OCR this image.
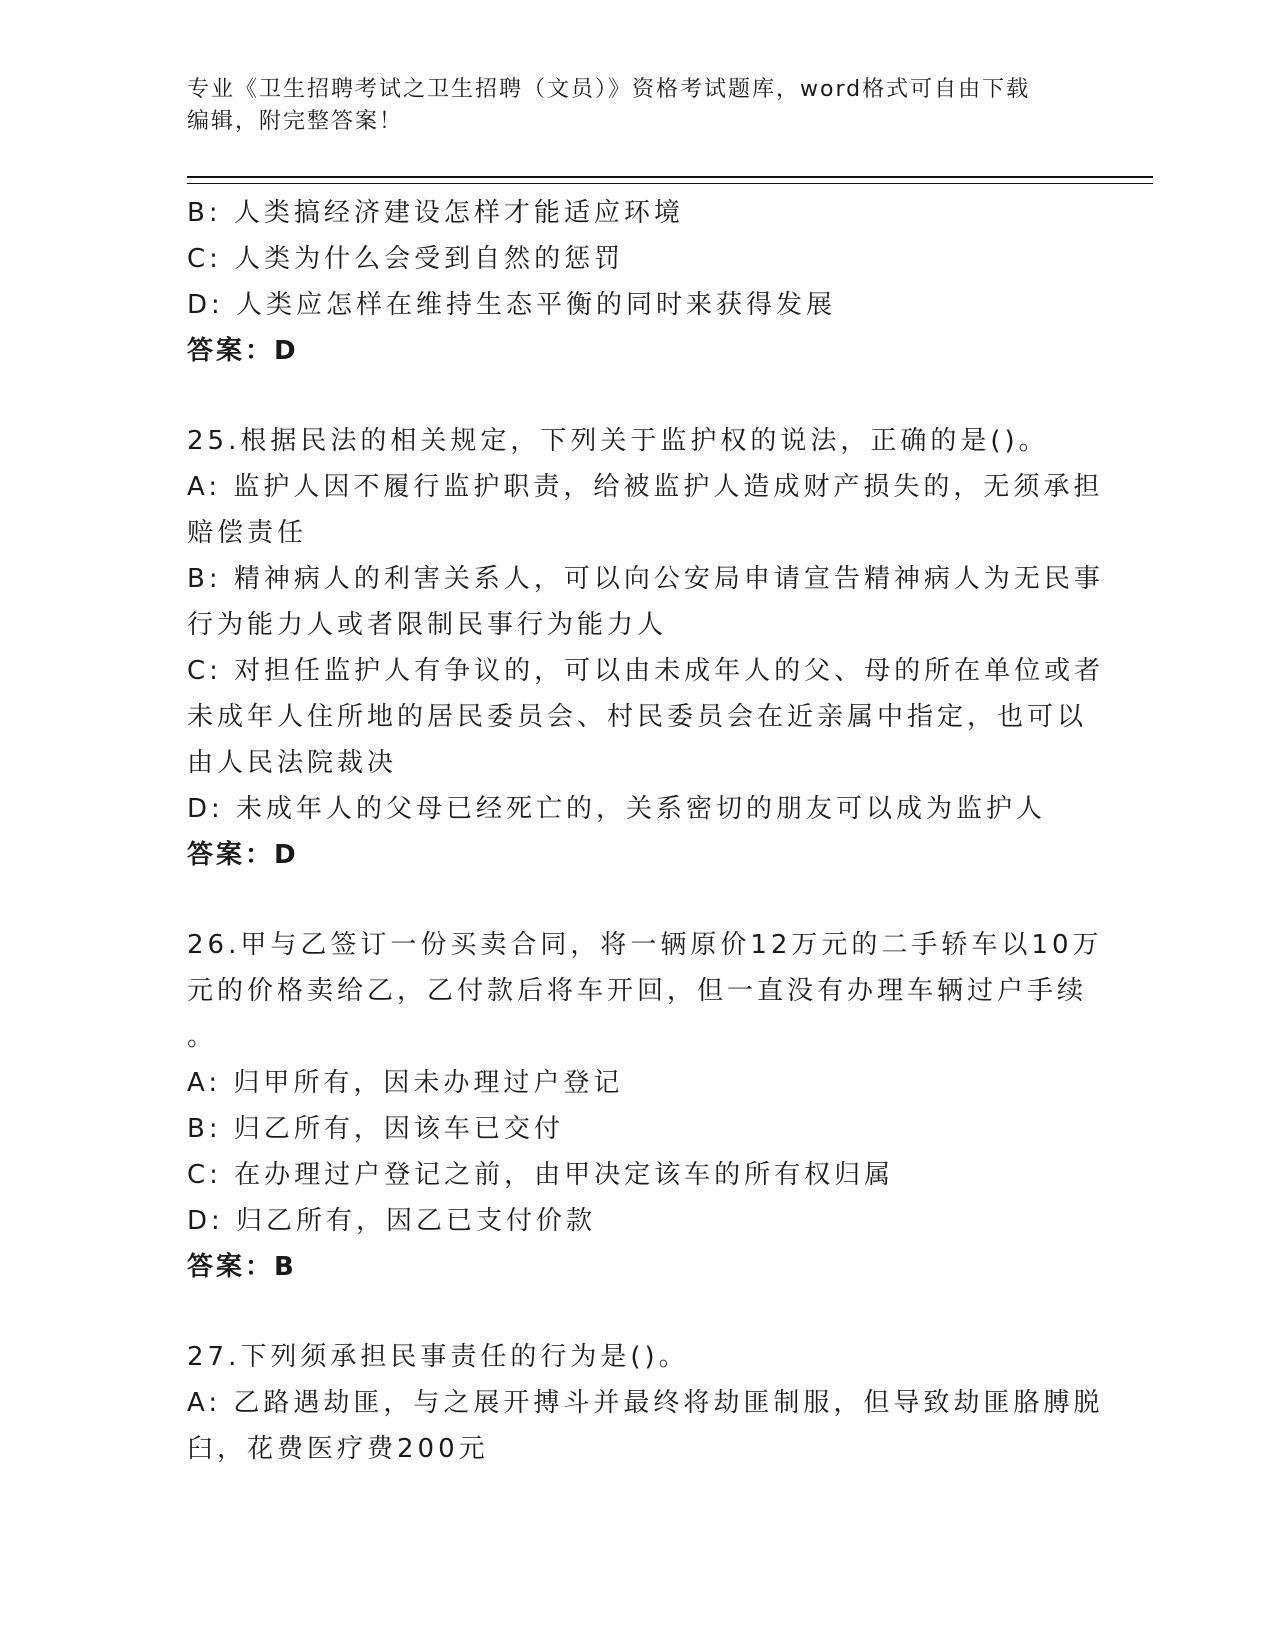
专业《卫生招聘考试之卫生招聘（文员）》资格考试题库，word格式可自由下载
编辑，附完整答案！
B: 人类搞经济建设怎样才能适应环境
C: 人类为什么会受到自然的惩罚
D: 人类应怎样在维持生态平衡的同时来获得发展
答案：D
25.根据民法的相关规定，下列关于监护权的说法，正确的是()。
A: 监护人因不履行监护职责，给被监护人造成财产损失的，无须承担
赔偿责任
B: 精神病人的利害关系人，可以向公安局申请宣告精神病人为无民事
行为能力人或者限制民事行为能力人
C: 对担任监护人有争议的，可以由未成年人的父、母的所在单位或者
未成年人住所地的居民委员会、村民委员会在近亲属中指定，也可以
由人民法院裁决
D: 未成年人的父母已经死亡的，关系密切的朋友可以成为监护人
答案：D
26.甲与乙签订一份买卖合同，将一辆原价12万元的二手轿车以10万
元的价格卖给乙，乙付款后将车开回，但一直没有办理车辆过户手续
。
A: 归甲所有，因未办理过户登记
B: 归乙所有，因该车已交付
C: 在办理过户登记之前，由甲决定该车的所有权归属
D: 归乙所有，因乙已支付价款
答案：B
27.下列须承担民事责任的行为是()。
A: 乙路遇劫匪，与之展开搏斗并最终将劫匪制服，但导致劫匪胳膊脱
臼，花费医疗费200元
